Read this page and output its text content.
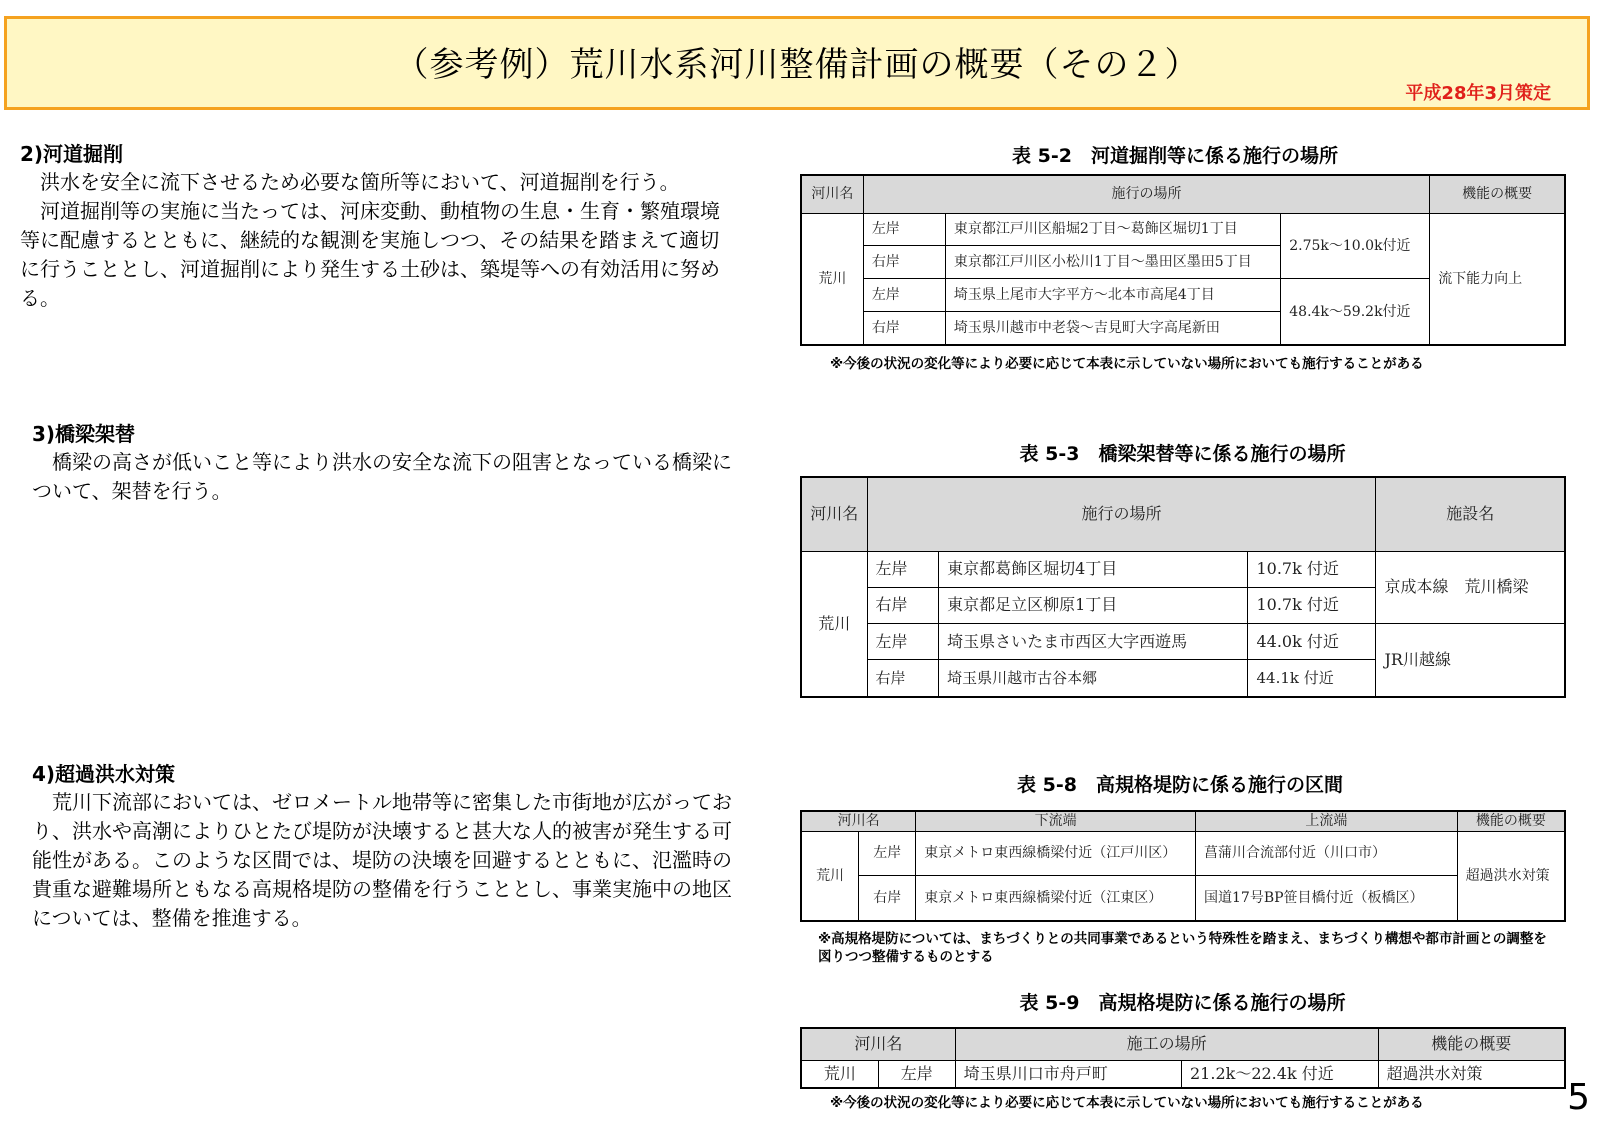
（参考例）荒川水系河川整備計画の概要（その２）
平成28年3月策定
2)河道掘削
洪水を安全に流下させるため必要な箇所等において、河道掘削を行う。
河道掘削等の実施に当たっては、河床変動、動植物の生息・生育・繁殖環境等に配慮するとともに、継続的な観測を実施しつつ、その結果を踏まえて適切に行うこととし、河道掘削により発生する土砂は、築堤等への有効活用に努める。
3)橋梁架替
橋梁の高さが低いこと等により洪水の安全な流下の阻害となっている橋梁について、架替を行う。
4)超過洪水対策
荒川下流部においては、ゼロメートル地帯等に密集した市街地が広がっており、洪水や高潮によりひとたび堤防が決壊すると甚大な人的被害が発生する可能性がある。このような区間では、堤防の決壊を回避するとともに、氾濫時の貴重な避難場所ともなる高規格堤防の整備を行うこととし、事業実施中の地区については、整備を推進する。
表 5-2　河道掘削等に係る施行の場所
河川名	施行の場所			機能の概要
荒川	左岸	東京都江戸川区船堀2丁目～葛飾区堀切1丁目	2.75k～10.0k付近	流下能力向上
	右岸	東京都江戸川区小松川1丁目～墨田区墨田5丁目		
	左岸	埼玉県上尾市大字平方～北本市高尾4丁目	48.4k～59.2k付近	
	右岸	埼玉県川越市中老袋～吉見町大字高尾新田		
※今後の状況の変化等により必要に応じて本表に示していない場所においても施行することがある
表 5-3　橋梁架替等に係る施行の場所
河川名	施行の場所			施設名
荒川	左岸	東京都葛飾区堀切4丁目	10.7k 付近	京成本線　荒川橋梁
	右岸	東京都足立区柳原1丁目	10.7k 付近	
	左岸	埼玉県さいたま市西区大字西遊馬	44.0k 付近	JR川越線
	右岸	埼玉県川越市古谷本郷	44.1k 付近	
表 5-8　高規格堤防に係る施行の区間
河川名		下流端	上流端	機能の概要
荒川	左岸	東京メトロ東西線橋梁付近（江戸川区）	菖蒲川合流部付近（川口市）	超過洪水対策
	右岸	東京メトロ東西線橋梁付近（江東区）	国道17号BP笹目橋付近（板橋区）	
※高規格堤防については、まちづくりとの共同事業であるという特殊性を踏まえ、まちづくり構想や都市計画との調整を図りつつ整備するものとする
表 5-9　高規格堤防に係る施行の場所
河川名		施工の場所		機能の概要
荒川	左岸	埼玉県川口市舟戸町	21.2k～22.4k 付近	超過洪水対策
※今後の状況の変化等により必要に応じて本表に示していない場所においても施行することがある	5
